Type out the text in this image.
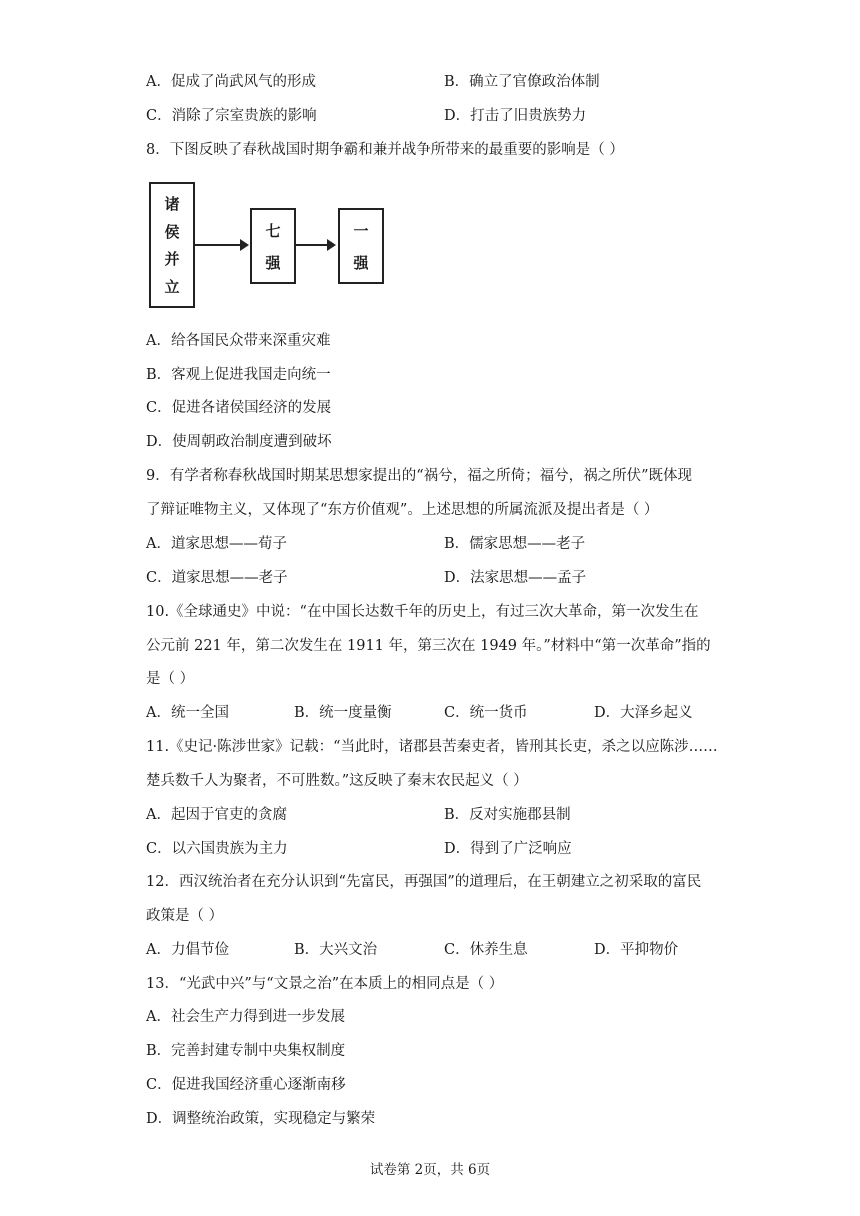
A．促成了尚武风气的形成	B．确立了官僚政治体制
C．消除了宗室贵族的影响	D．打击了旧贵族势力
8．下图反映了春秋战国时期争霸和兼并战争所带来的最重要的影响是（ ）
诸
侯
并
立
七
强
一
强
A．给各国民众带来深重灾难
B．客观上促进我国走向统一
C．促进各诸侯国经济的发展
D．使周朝政治制度遭到破坏
9．有学者称春秋战国时期某思想家提出的“祸兮，福之所倚；福兮，祸之所伏”既体现
了辩证唯物主义，又体现了“东方价值观”。上述思想的所属流派及提出者是（ ）
A．道家思想——荀子	B．儒家思想——老子
C．道家思想——老子	D．法家思想——孟子
10.《全球通史》中说：“在中国长达数千年的历史上，有过三次大革命，第一次发生在
公元前 221 年，第二次发生在 1911 年，第三次在 1949 年。”材料中“第一次革命”指的
是（ ）
A．统一全国	B．统一度量衡	C．统一货币	D．大泽乡起义
11.《史记·陈涉世家》记载：“当此时，诸郡县苦秦吏者，皆刑其长吏，杀之以应陈涉……
楚兵数千人为聚者，不可胜数。”这反映了秦末农民起义（ ）
A．起因于官吏的贪腐	B．反对实施郡县制
C．以六国贵族为主力	D．得到了广泛响应
12．西汉统治者在充分认识到“先富民，再强国”的道理后，在王朝建立之初采取的富民
政策是（ ）
A．力倡节俭	B．大兴文治	C．休养生息	D．平抑物价
13．“光武中兴”与“文景之治”在本质上的相同点是（ ）
A．社会生产力得到进一步发展
B．完善封建专制中央集权制度
C．促进我国经济重心逐渐南移
D．调整统治政策，实现稳定与繁荣
试卷第 2页，共 6页
